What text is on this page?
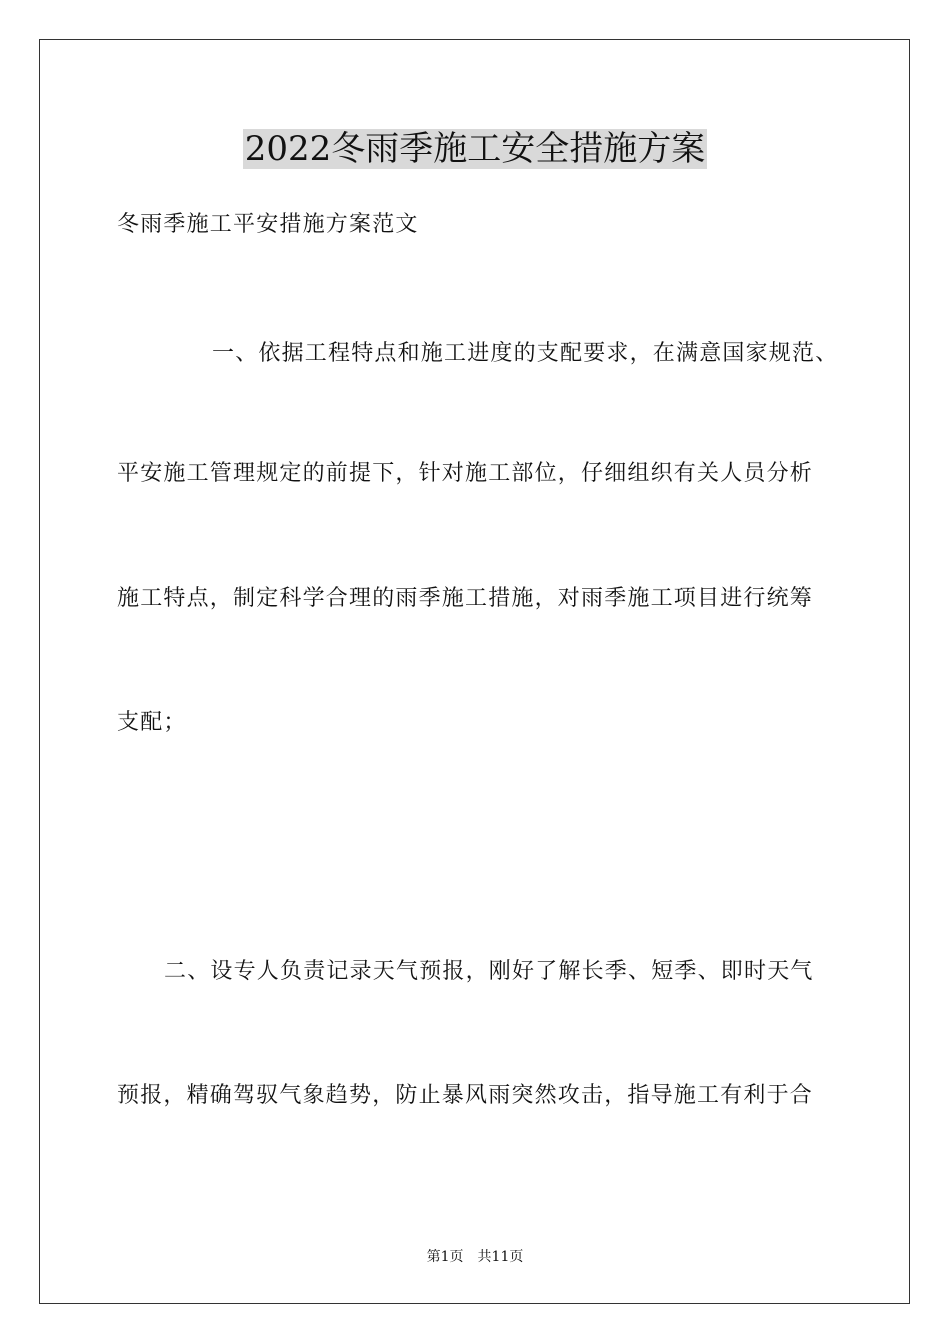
2022冬雨季施工安全措施方案

冬雨季施工平安措施方案范文

一、依据工程特点和施工进度的支配要求，在满意国家规范、

平安施工管理规定的前提下，针对施工部位，仔细组织有关人员分析

施工特点，制定科学合理的雨季施工措施，对雨季施工项目进行统筹

支配；

二、设专人负责记录天气预报，刚好了解长季、短季、即时天气

预报，精确驾驭气象趋势，防止暴风雨突然攻击，指导施工有利于合

第1页 共11页
